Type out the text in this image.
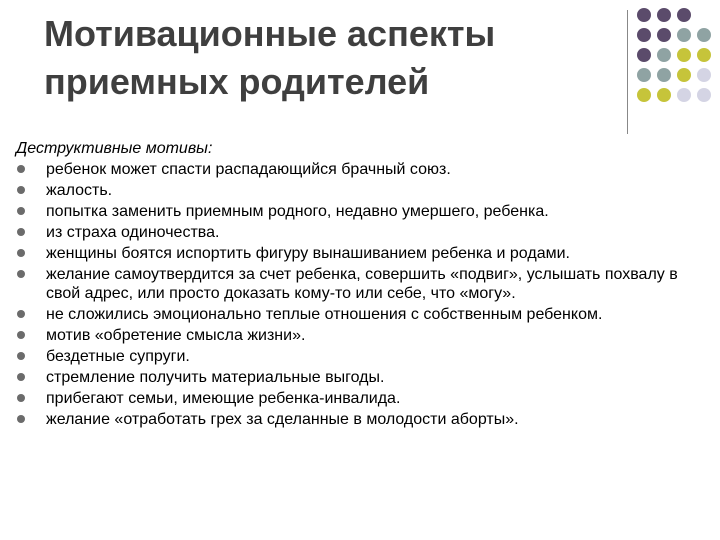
Мотивационные аспекты
приемных родителей
Деструктивные мотивы:
ребенок может спасти распадающийся брачный союз.
жалость.
попытка заменить приемным родного, недавно умершего, ребенка.
из страха одиночества.
женщины боятся испортить фигуру вынашиванием ребенка и родами.
желание самоутвердится за счет ребенка, совершить «подвиг», услышать похвалу в свой адрес, или просто доказать кому-то или себе, что «могу».
не сложились эмоционально теплые отношения с собственным ребенком.
мотив «обретение смысла жизни».
бездетные супруги.
стремление получить материальные выгоды.
прибегают семьи, имеющие ребенка-инвалида.
желание «отработать грех за сделанные в молодости аборты».
